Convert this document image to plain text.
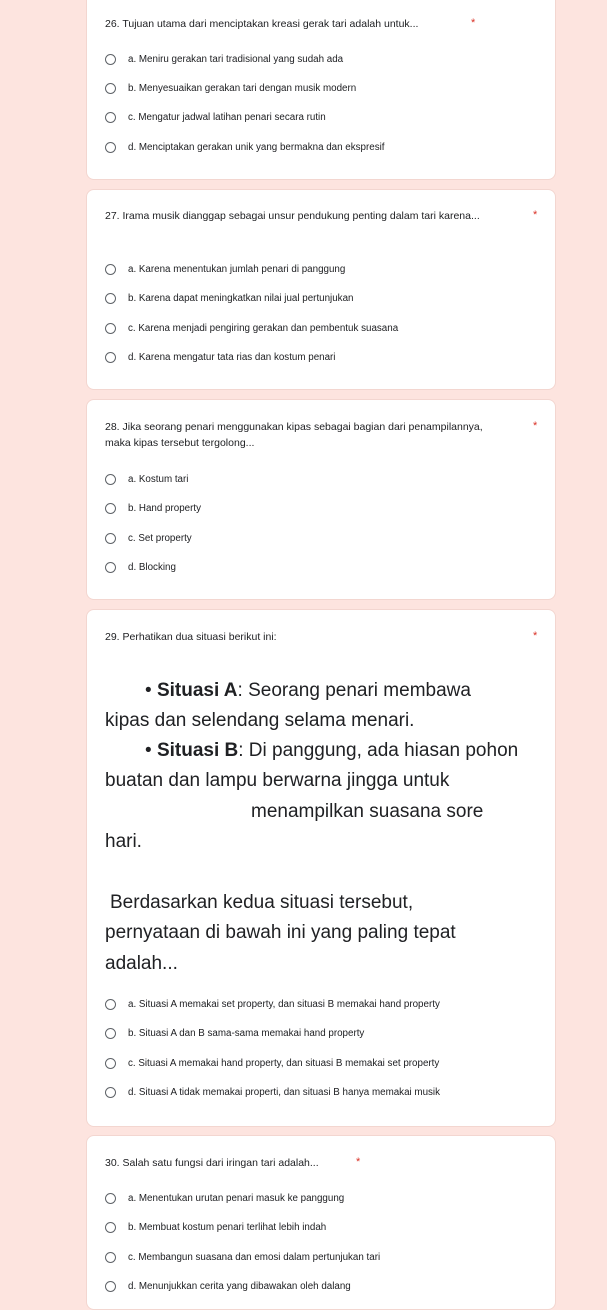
26. Tujuan utama dari menciptakan kreasi gerak tari adalah untuk...	*
a. Meniru gerakan tari tradisional yang sudah ada
b. Menyesuaikan gerakan tari dengan musik modern
c. Mengatur jadwal latihan penari secara rutin
d. Menciptakan gerakan unik yang bermakna dan ekspresif
27. Irama musik dianggap sebagai unsur pendukung penting dalam tari karena...	*
a. Karena menentukan jumlah penari di panggung
b. Karena dapat meningkatkan nilai jual pertunjukan
c. Karena menjadi pengiring gerakan dan pembentuk suasana
d. Karena mengatur tata rias dan kostum penari
28. Jika seorang penari menggunakan kipas sebagai bagian dari penampilannya,
maka kipas tersebut tergolong...
*
a. Kostum tari
b. Hand property
c. Set property
d. Blocking
29. Perhatikan dua situasi berikut ini:	*
• Situasi A: Seorang penari membawa
kipas dan selendang selama menari.
• Situasi B: Di panggung, ada hiasan pohon
buatan dan lampu berwarna jingga untuk
menampilkan suasana sore
hari.
Berdasarkan kedua situasi tersebut,
pernyataan di bawah ini yang paling tepat
adalah...
a. Situasi A memakai set property, dan situasi B memakai hand property
b. Situasi A dan B sama-sama memakai hand property
c. Situasi A memakai hand property, dan situasi B memakai set property
d. Situasi A tidak memakai properti, dan situasi B hanya memakai musik
30. Salah satu fungsi dari iringan tari adalah...	*
a. Menentukan urutan penari masuk ke panggung
b. Membuat kostum penari terlihat lebih indah
c. Membangun suasana dan emosi dalam pertunjukan tari
d. Menunjukkan cerita yang dibawakan oleh dalang
